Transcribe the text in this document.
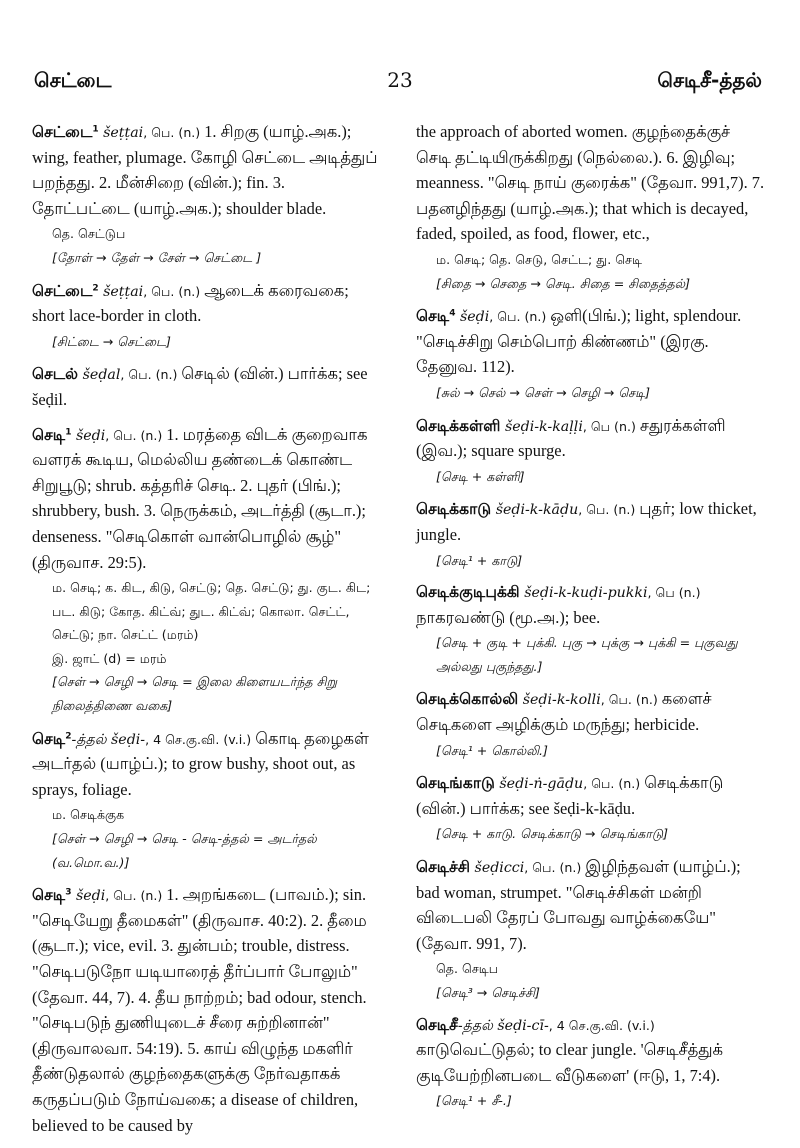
செட்டை	23	செடிசீ-த்தல்
செட்டை$^1$ šeṭṭai, பெ. (n.) 1. சிறகு (யாழ்.அக.); wing, feather, plumage. கோழி செட்டை அடித்துப் பறந்தது. 2. மீன்சிறை (வின்.); fin. 3. தோட்பட்டை (யாழ்.அக.); shoulder blade.
தெ. செட்டுப
[தோள் → தேள் → சேள் → செட்டை ]
செட்டை$^2$ šeṭṭai, பெ. (n.) ஆடைக் கரைவகை; short lace-border in cloth.
[சிட்டை → செட்டை]
செடல் šeḍal, பெ. (n.) செடில் (வின்.) பார்க்க; see šeḍil.
செடி$^1$ šeḍi, பெ. (n.) 1. மரத்தை விடக் குறைவாக வளரக் கூடிய, மெல்லிய தண்டைக் கொண்ட சிறுபூடு; shrub. கத்தரிச் செடி. 2. புதர் (பிங்.); shrubbery, bush. 3. நெருக்கம், அடர்த்தி (சூடா.); denseness. "செடிகொள் வான்பொழில் சூழ்" (திருவாச. 29:5).
ம. செடி; க. கிட, கிடு, செட்டு; தெ. செட்டு; து. குட. கிட; பட. கிடு; கோத. கிட்வ்; துட. கிட்வ்; கொலா. செட்ட், செட்டு; நா. செட்ட் (மரம்)
இ. ஜாட் (d) = மரம்
[செள் → செழி → செடி = இலை கிளையடர்ந்த சிறு நிலைத்திணை வகை]
செடி$^2$-த்தல் šeḍi-, 4 செ.கு.வி. (v.i.) கொடி தழைகள் அடர்தல் (யாழ்ப்.); to grow bushy, shoot out, as sprays, foliage.
ம. செடிக்குக
[செள் → செழி → செடி - செடி-த்தல் = அடர்தல் (வ.மொ.வ.)]
செடி$^3$ šeḍi, பெ. (n.) 1. அறங்கடை (பாவம்.); sin. "செடியேறு தீமைகள்" (திருவாச. 40:2). 2. தீமை (சூடா.); vice, evil. 3. துன்பம்; trouble, distress. "செடிபடுநோ யடியாரைத் தீர்ப்பார் போலும்" (தேவா. 44, 7). 4. தீய நாற்றம்; bad odour, stench. "செடிபடுந் துணியுடைச் சீரை சுற்றினான்" (திருவாலவா. 54:19). 5. காய் விழுந்த மகளிர் தீண்டுதலால் குழந்தைகளுக்கு நேர்வதாகக் கருதப்படும் நோய்வகை; a disease of children, believed to be caused by
the approach of aborted women. குழந்தைக்குச் செடி தட்டியிருக்கிறது (நெல்லை.). 6. இழிவு; meanness. "செடி நாய் குரைக்க" (தேவா. 991,7). 7. பதனழிந்தது (யாழ்.அக.); that which is decayed, faded, spoiled, as food, flower, etc.,
ம. செடி; தெ. செடு, செட்ட; து. செடி
[சிதை → செதை → செடி. சிதை = சிதைத்தல்]
செடி$^4$ šeḍi, பெ. (n.) ஒளி(பிங்.); light, splendour. "செடிச்சிறு செம்பொற் கிண்ணம்" (இரகு. தேனுவ. 112).
[சுல் → செல் → செள் → செழி → செடி]
செடிக்கள்ளி šeḍi-k-kaḷḷi, பெ (n.) சதுரக்கள்ளி (இவ.); square spurge.
[செடி + கள்ளி]
செடிக்காடு šeḍi-k-kāḍu, பெ. (n.) புதர்; low thicket, jungle.
[செடி¹ + காடு]
செடிக்குடிபுக்கி šeḍi-k-kuḍi-pukki, பெ (n.) நாகரவண்டு (மூ.அ.); bee.
[செடி + குடி + புக்கி. புகு → புக்கு → புக்கி = புகுவது அல்லது புகுந்தது.]
செடிக்கொல்லி šeḍi-k-kolli, பெ. (n.) களைச் செடிகளை அழிக்கும் மருந்து; herbicide.
[செடி¹ + கொல்லி.]
செடிங்காடு šeḍi-ṅ-gāḍu, பெ. (n.) செடிக்காடு (வின்.) பார்க்க; see šeḍi-k-kāḍu.
[செடி + காடு. செடிக்காடு → செடிங்காடு]
செடிச்சி šeḍicci, பெ. (n.) இழிந்தவள் (யாழ்ப்.); bad woman, strumpet. "செடிச்சிகள் மன்றி விடைபலி தேரப் போவது வாழ்க்கையே" (தேவா. 991, 7).
தெ. செடிப
[செடி³ → செடிச்சி]
செடிசீ-த்தல் šeḍi-cī-, 4 செ.கு.வி. (v.i.) காடுவெட்டுதல்; to clear jungle. 'செடிசீத்துக் குடியேற்றினபடை வீடுகளை' (ஈடு, 1, 7:4).
[செடி¹ + சீ-.]
